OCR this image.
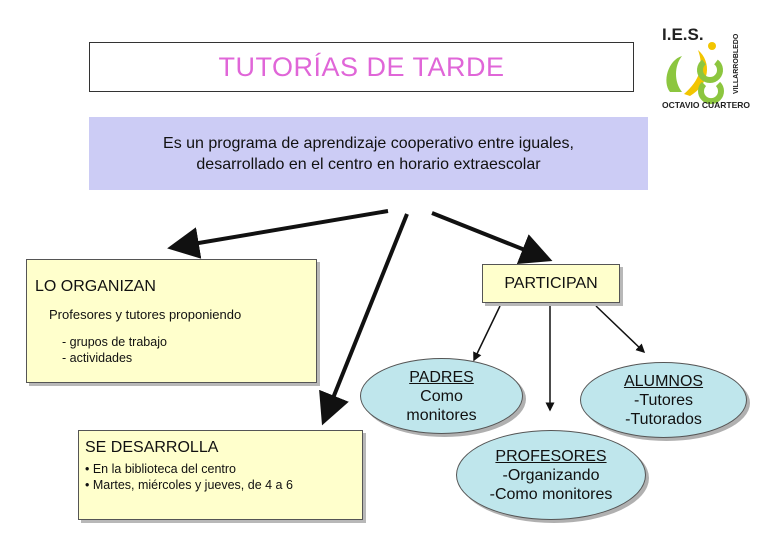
TUTORÍAS DE TARDE
I.E.S.
OCTAVIO CUARTERO
VILLARROBLEDO
Es un programa de aprendizaje cooperativo entre iguales,
desarrollado en el centro en horario extraescolar
LO ORGANIZAN
Profesores y tutores proponiendo
- grupos de trabajo
- actividades
PARTICIPAN
SE DESARROLLA
• En la biblioteca del centro
• Martes, miércoles y jueves, de 4 a 6
PADRES
Como
monitores
ALUMNOS
-Tutores
-Tutorados
PROFESORES
-Organizando
-Como monitores
